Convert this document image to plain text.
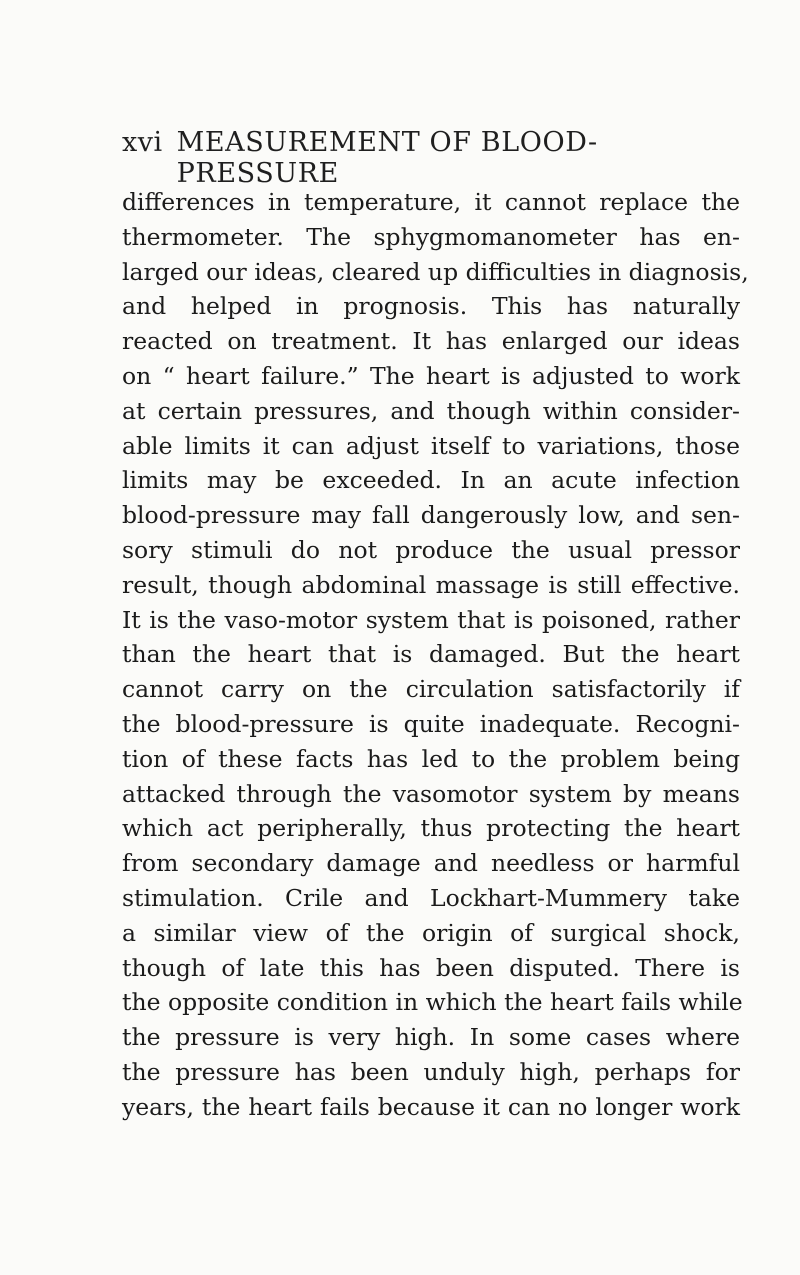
xvi MEASUREMENT OF BLOOD-PRESSURE
differences in temperature, it cannot replace the
thermometer. The sphygmomanometer has en-
larged our ideas, cleared up difficulties in diagnosis,
and helped in prognosis. This has naturally
reacted on treatment. It has enlarged our ideas
on “ heart failure.” The heart is adjusted to work
at certain pressures, and though within consider-
able limits it can adjust itself to variations, those
limits may be exceeded. In an acute infection
blood-pressure may fall dangerously low, and sen-
sory stimuli do not produce the usual pressor
result, though abdominal massage is still effective.
It is the vaso-motor system that is poisoned, rather
than the heart that is damaged. But the heart
cannot carry on the circulation satisfactorily if
the blood-pressure is quite inadequate. Recogni-
tion of these facts has led to the problem being
attacked through the vasomotor system by means
which act peripherally, thus protecting the heart
from secondary damage and needless or harmful
stimulation. Crile and Lockhart-Mummery take
a similar view of the origin of surgical shock,
though of late this has been disputed. There is
the opposite condition in which the heart fails while
the pressure is very high. In some cases where
the pressure has been unduly high, perhaps for
years, the heart fails because it can no longer work
